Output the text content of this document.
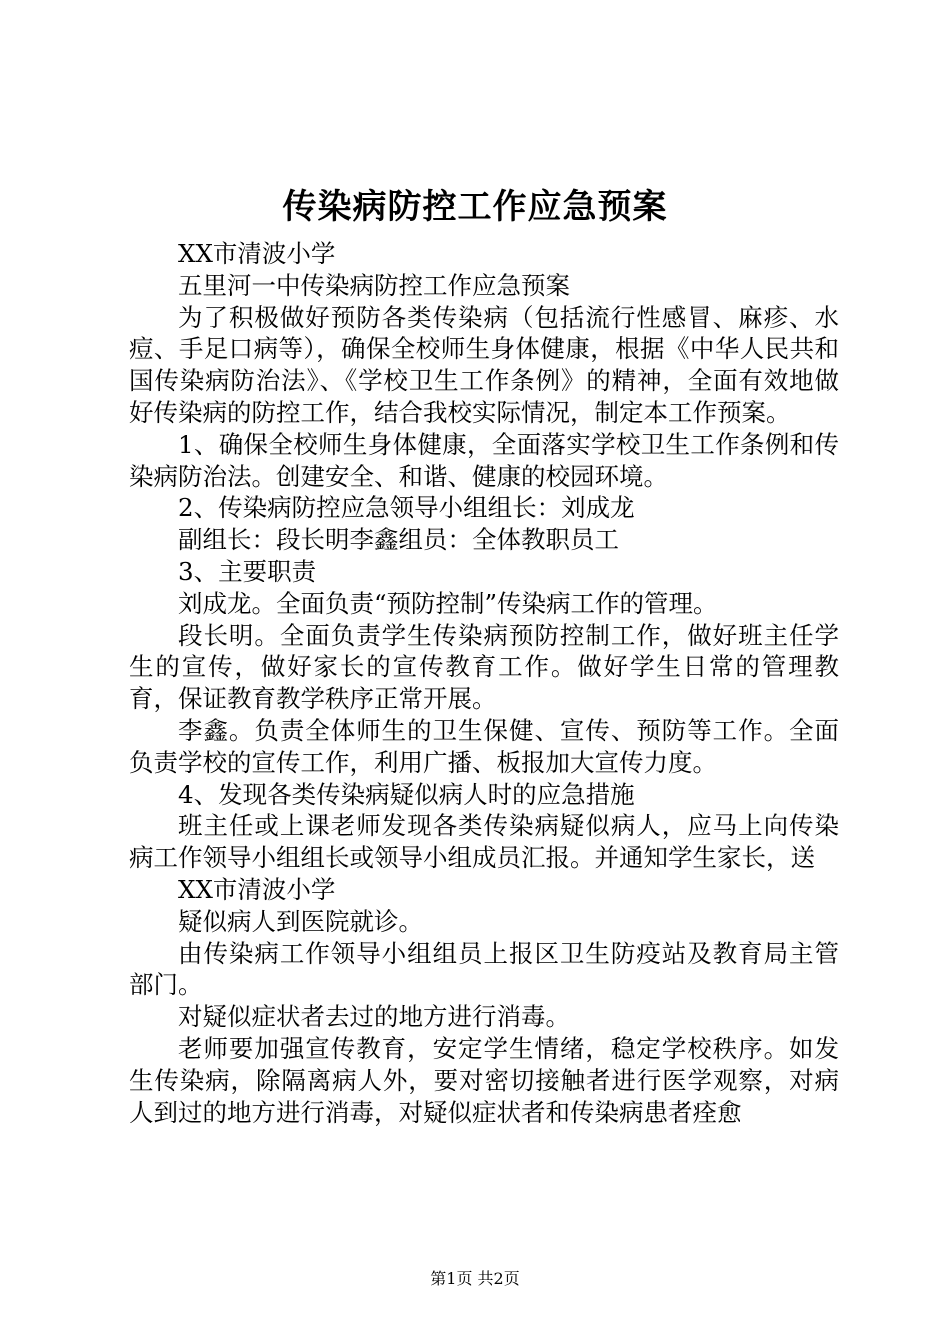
传染病防控工作应急预案

XX市清波小学

五里河一中传染病防控工作应急预案

为了积极做好预防各类传染病（包括流行性感冒、麻疹、水痘、手足口病等），确保全校师生身体健康，根据《中华人民共和国传染病防治法》、《学校卫生工作条例》的精神，全面有效地做好传染病的防控工作，结合我校实际情况，制定本工作预案。

1、确保全校师生身体健康，全面落实学校卫生工作条例和传染病防治法。创建安全、和谐、健康的校园环境。

2、传染病防控应急领导小组组长：刘成龙

副组长：段长明李鑫组员：全体教职员工

3、主要职责

刘成龙。全面负责“预防控制”传染病工作的管理。

段长明。全面负责学生传染病预防控制工作，做好班主任学生的宣传，做好家长的宣传教育工作。做好学生日常的管理教育，保证教育教学秩序正常开展。

李鑫。负责全体师生的卫生保健、宣传、预防等工作。全面负责学校的宣传工作，利用广播、板报加大宣传力度。

4、发现各类传染病疑似病人时的应急措施

班主任或上课老师发现各类传染病疑似病人，应马上向传染病工作领导小组组长或领导小组成员汇报。并通知学生家长，送

XX市清波小学

疑似病人到医院就诊。

由传染病工作领导小组组员上报区卫生防疫站及教育局主管部门。

对疑似症状者去过的地方进行消毒。

老师要加强宣传教育，安定学生情绪，稳定学校秩序。如发生传染病，除隔离病人外，要对密切接触者进行医学观察，对病人到过的地方进行消毒，对疑似症状者和传染病患者痊愈

第1页 共2页
